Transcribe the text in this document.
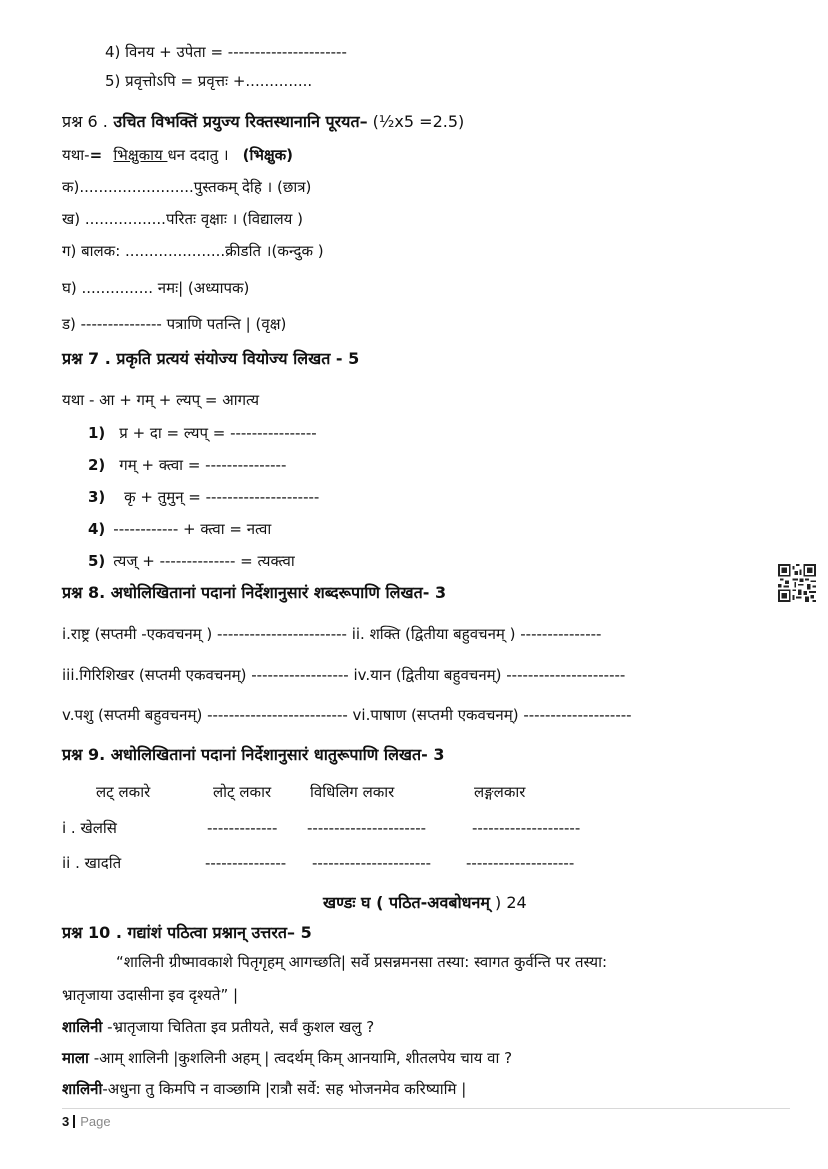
4) विनय + उपेता = ----------------------
5) प्रवृत्तोऽपि = प्रवृत्तः +..............
प्रश्न 6 . उचित विभक्तिं प्रयुज्य रिक्तस्थानानि पूरयत– (½x5 =2.5)
यथा-= भिक्षुकाय धन ददातु । (भिक्षुक)
क)........................पुस्तकम् देहि । (छात्र)
ख) .................परितः वृक्षाः । (विद्यालय )
ग) बालक: .....................क्रीडति ।(कन्दुक )
घ) ............... नमः| (अध्यापक)
ड) --------------- पत्राणि पतन्ति | (वृक्ष)
प्रश्न 7 . प्रकृति प्रत्ययं संयोज्य वियोज्य लिखत - 5
यथा - आ + गम् + ल्यप् = आगत्य
1) प्र + दा = ल्यप् = ----------------
2) गम् + क्त्वा = ---------------
3) कृ + तुमुन् = ---------------------
4) ------------ + क्त्वा = नत्वा
5) त्यज् + -------------- = त्यक्त्वा
प्रश्न 8. अधोलिखितानां पदानां निर्देशानुसारं शब्दरूपाणि लिखत- 3
i.राष्ट्र (सप्तमी -एकवचनम् ) ------------------------ ii. शक्ति (द्वितीया बहुवचनम् ) ---------------
iii.गिरिशिखर (सप्तमी एकवचनम्) ------------------ iv.यान (द्वितीया बहुवचनम्) ----------------------
v.पशु (सप्तमी बहुवचनम्) -------------------------- vi.पाषाण (सप्तमी एकवचनम्) --------------------
प्रश्न 9. अधोलिखितानां पदानां निर्देशानुसारं धातुरूपाणि लिखत- 3
लट् लकारे	लोट् लकार	विधिलिग लकार	लङ्गलकार
i . खेलसि	------------- ----------------------	--------------------
ii . खादति	--------------- ---------------------- --------------------
खण्डः घ ( पठित-अवबोधनम् ) 24
प्रश्न 10 . गद्यांशं पठित्वा प्रश्नान् उत्तरत– 5
“शालिनी ग्रीष्मावकाशे पितृगृहम् आगच्छति| सर्वे प्रसन्नमनसा तस्या: स्वागत कुर्वन्ति पर तस्या:
भ्रातृजाया उदासीना इव दृश्यते” |
शालिनी -भ्रातृजाया चितिता इव प्रतीयते, सर्वं कुशल खलु ?
माला -आम् शालिनी |कुशलिनी अहम् | त्वदर्थम् किम् आनयामि, शीतलपेय चाय वा ?
शालिनी-अधुना तु किमपि न वाञ्छामि |रात्रौ सर्वे: सह भोजनमेव करिष्यामि |
3 Page
